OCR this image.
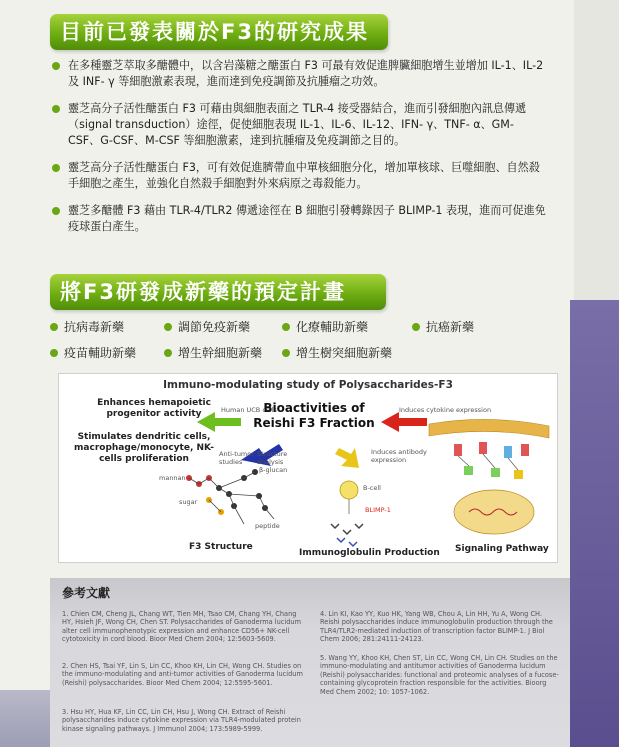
目前已發表關於F3的研究成果
在多種靈芝萃取多醣體中，以含岩藻糖之醣蛋白 F3 可最有效促進脾臟細胞增生並增加 IL-1、IL-2 及 INF- γ 等細胞激素表現，進而達到免疫調節及抗腫瘤之功效。
靈芝高分子活性醣蛋白 F3 可藉由與細胞表面之 TLR-4 接受器結合，進而引發細胞內訊息傳遞（signal transduction）途徑，促使細胞表現 IL-1、IL-6、IL-12、IFN- γ、TNF- α、GM-CSF、G-CSF、M-CSF 等細胞激素，達到抗腫瘤及免疫調節之目的。
靈芝高分子活性醣蛋白 F3，可有效促進臍帶血中單核細胞分化，增加單核球、巨噬細胞、自然殺手細胞之產生，並強化自然殺手細胞對外來病原之毒殺能力。
靈芝多醣體 F3 藉由 TLR-4/TLR2 傳遞途徑在 B 細胞引發轉錄因子 BLIMP-1 表現，進而可促進免疫球蛋白產生。
將F3研發成新藥的預定計畫
抗病毒新藥	調節免疫新藥	化療輔助新藥	抗癌新藥
疫苗輔助新藥	增生幹細胞新藥	增生樹突細胞新藥
Immuno-modulating study of Polysaccharides-F3
Enhances hemapoietic progenitor activity
Stimulates dendritic cells, macrophage/monocyte, NK-cells proliferation
Human UCB cells	Induces cytokine expression
Bioactivities of Reishi F3 Fraction
Anti-tumor studies
Structure analysis
Induces antibody expression
B-cell
BLIMP-1
mannan
β-glucan
sugar
peptide
F3 Structure
Immunoglobulin Production Signaling Pathway
參考文獻
1. Chien CM, Cheng JL, Chang WT, Tien MH, Tsao CM, Chang YH, Chang HY, Hsieh JF, Wong CH, Chen ST. Polysaccharides of Ganoderma lucidum alter cell immunophenotypic expression and enhance CD56+ NK-cell cytotoxicity in cord blood. Bioor Med Chem 2004; 12:5603-5609.
2. Chen HS, Tsai YF, Lin S, Lin CC, Khoo KH, Lin CH, Wong CH. Studies on the immuno-modulating and anti-tumor activities of Ganoderma lucidum (Reishi) polysaccharides. Bioor Med Chem 2004; 12:5595-5601.
3. Hsu HY, Hua KF, Lin CC, Lin CH, Hsu J, Wong CH. Extract of Reishi polysaccharides induce cytokine expression via TLR4-modulated protein kinase signaling pathways. J Immunol 2004; 173:5989-5999.
4. Lin KI, Kao YY, Kuo HK, Yang WB, Chou A, Lin HH, Yu A, Wong CH. Reishi polysaccharides induce immunoglobulin production through the TLR4/TLR2-mediated induction of transcription factor BLIMP-1. J Biol Chem 2006; 281:24111-24123.
5. Wang YY, Khoo KH, Chen ST, Lin CC, Wong CH, Lin CH. Studies on the immuno-modulating and antitumor activities of Ganoderma lucidum (Reishi) polysaccharides: functional and proteomic analyses of a fucose-containing glycoprotein fraction responsible for the activities. Bioorg Med Chem 2002; 10: 1057-1062.
